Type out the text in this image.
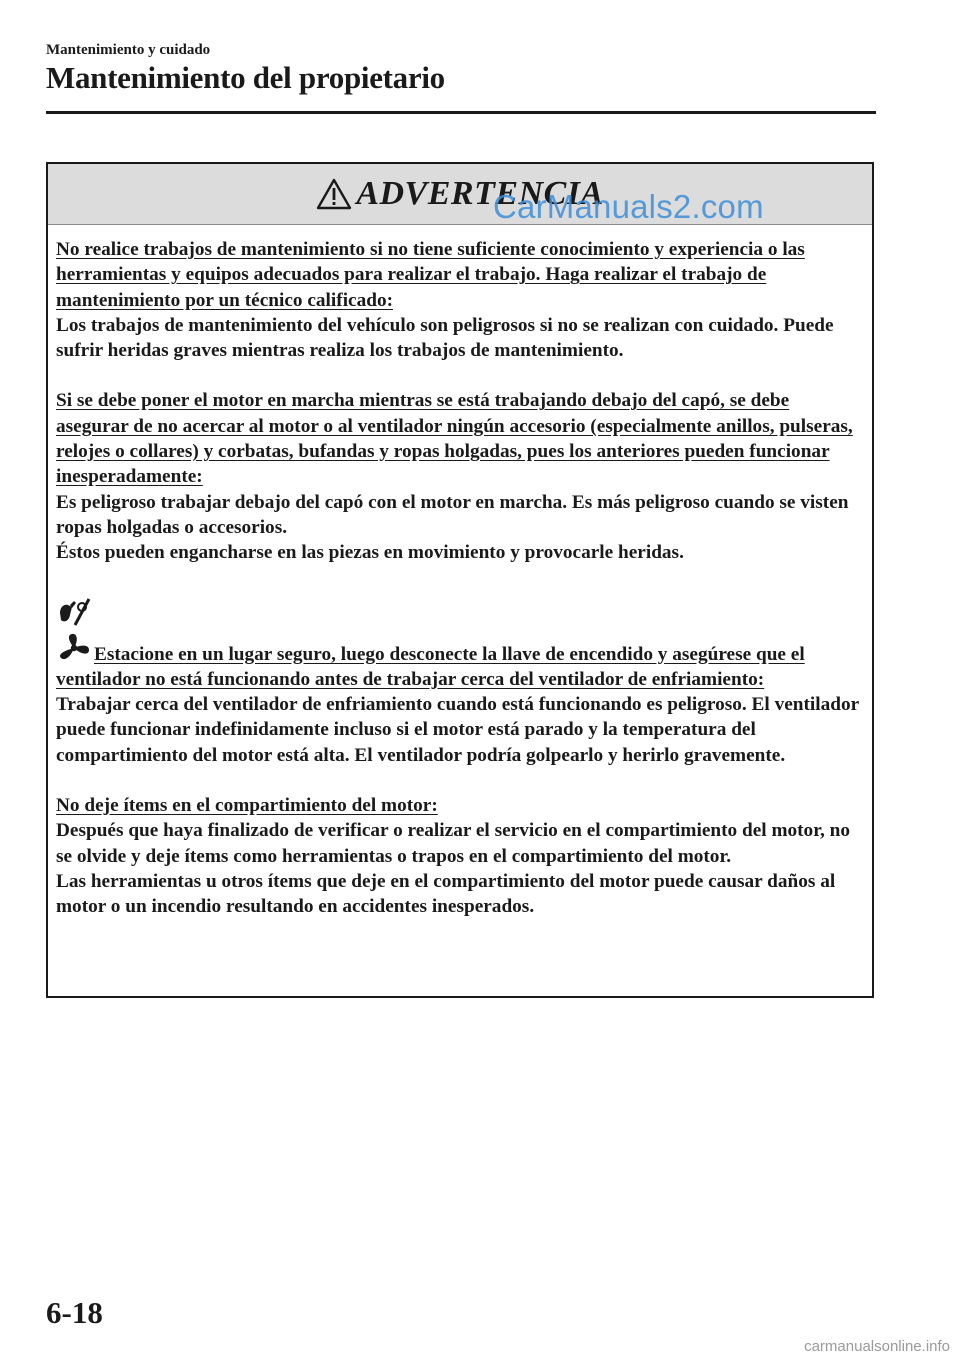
Mantenimiento y cuidado
Mantenimiento del propietario
ADVERTENCIA
CarManuals2.com
No realice trabajos de mantenimiento si no tiene suficiente conocimiento y experiencia o las herramientas y equipos adecuados para realizar el trabajo. Haga realizar el trabajo de mantenimiento por un técnico calificado:
Los trabajos de mantenimiento del vehículo son peligrosos si no se realizan con cuidado. Puede sufrir heridas graves mientras realiza los trabajos de mantenimiento.
Si se debe poner el motor en marcha mientras se está trabajando debajo del capó, se debe asegurar de no acercar al motor o al ventilador ningún accesorio (especialmente anillos, pulseras, relojes o collares) y corbatas, bufandas y ropas holgadas, pues los anteriores pueden funcionar inesperadamente:
Es peligroso trabajar debajo del capó con el motor en marcha. Es más peligroso cuando se visten ropas holgadas o accesorios.
Éstos pueden engancharse en las piezas en movimiento y provocarle heridas.
Estacione en un lugar seguro, luego desconecte la llave de encendido y asegúrese que el ventilador no está funcionando antes de trabajar cerca del ventilador de enfriamiento:
Trabajar cerca del ventilador de enfriamiento cuando está funcionando es peligroso. El ventilador puede funcionar indefinidamente incluso si el motor está parado y la temperatura del compartimiento del motor está alta. El ventilador podría golpearlo y herirlo gravemente.
No deje ítems en el compartimiento del motor:
Después que haya finalizado de verificar o realizar el servicio en el compartimiento del motor, no se olvide y deje ítems como herramientas o trapos en el compartimiento del motor.
Las herramientas u otros ítems que deje en el compartimiento del motor puede causar daños al motor o un incendio resultando en accidentes inesperados.
6-18
carmanualsonline.info
